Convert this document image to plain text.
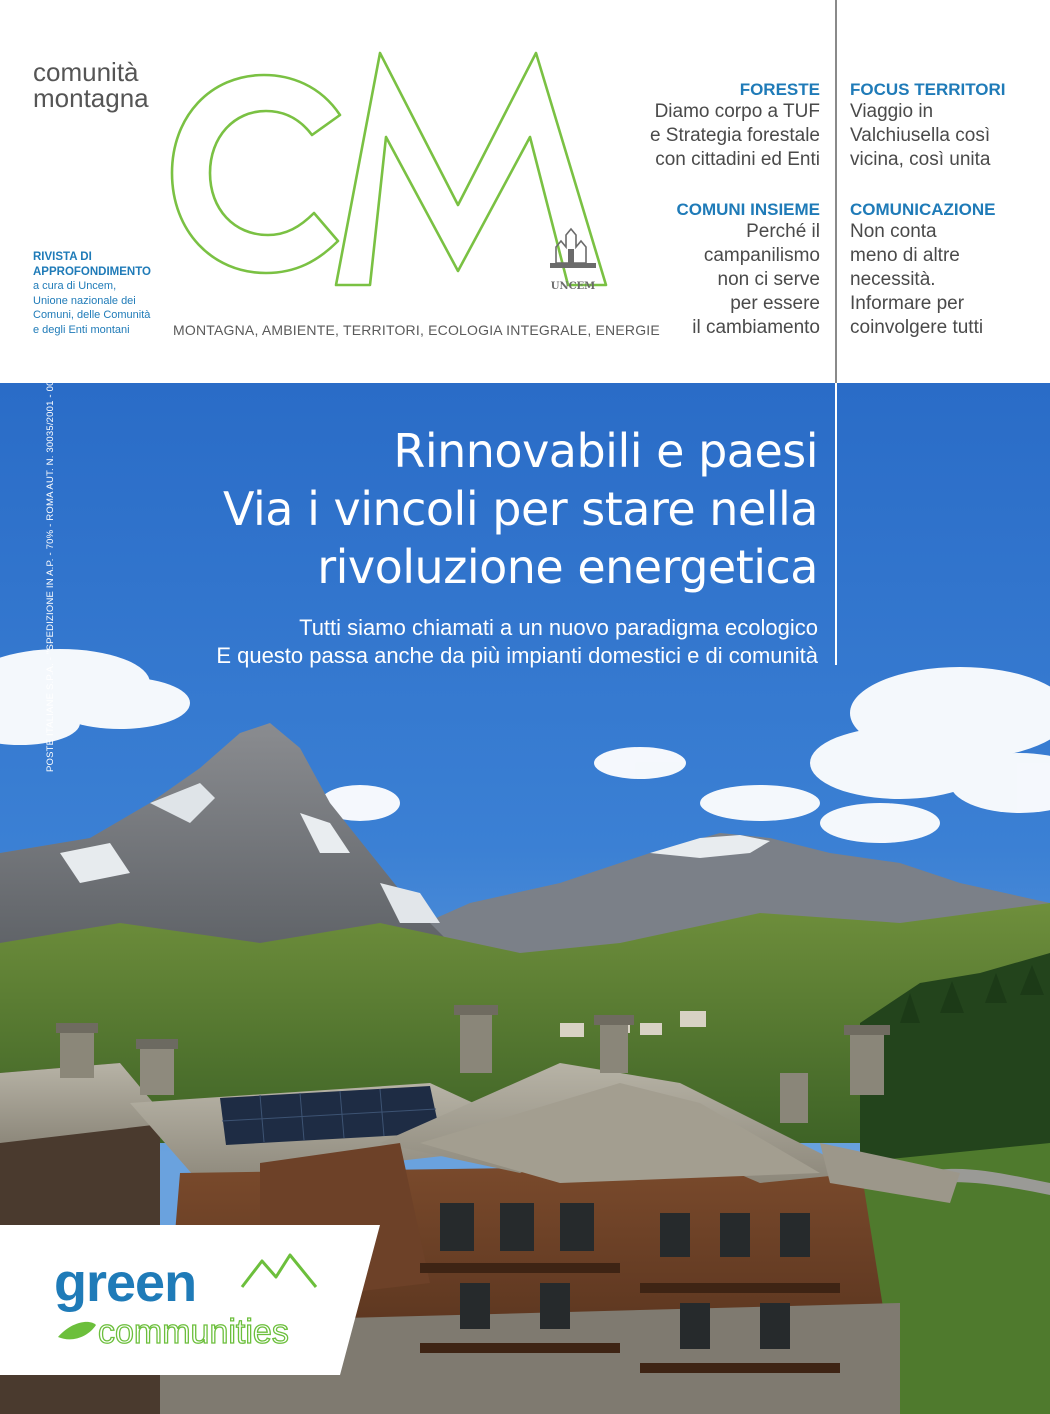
comunità
montagna
UNCEM
MONTAGNA, AMBIENTE, TERRITORI, ECOLOGIA INTEGRALE, ENERGIE
RIVISTA DI
APPROFONDIMENTO
a cura di Uncem,
Unione nazionale dei
Comuni, delle Comunità
e degli Enti montani
FORESTE
Diamo corpo a TUF
e Strategia forestale
con cittadini ed Enti
COMUNI INSIEME
Perché il
campanilismo
non ci serve
per essere
il cambiamento
FOCUS TERRITORI
Viaggio in
Valchiusella così
vicina, così unita
COMUNICAZIONE
Non conta
meno di altre
necessità.
Informare per
coinvolgere tutti
Rinnovabili e paesi
Via i vincoli per stare nella
rivoluzione energetica
Tutti siamo chiamati a un nuovo paradigma ecologico
E questo passa anche da più impianti domestici e di comunità
POSTE ITALIANE S.P.A. - "SPEDIZIONE IN A.P. - 70% - ROMA AUT. N. 30035/2001 - 002/2010"
green
communities
